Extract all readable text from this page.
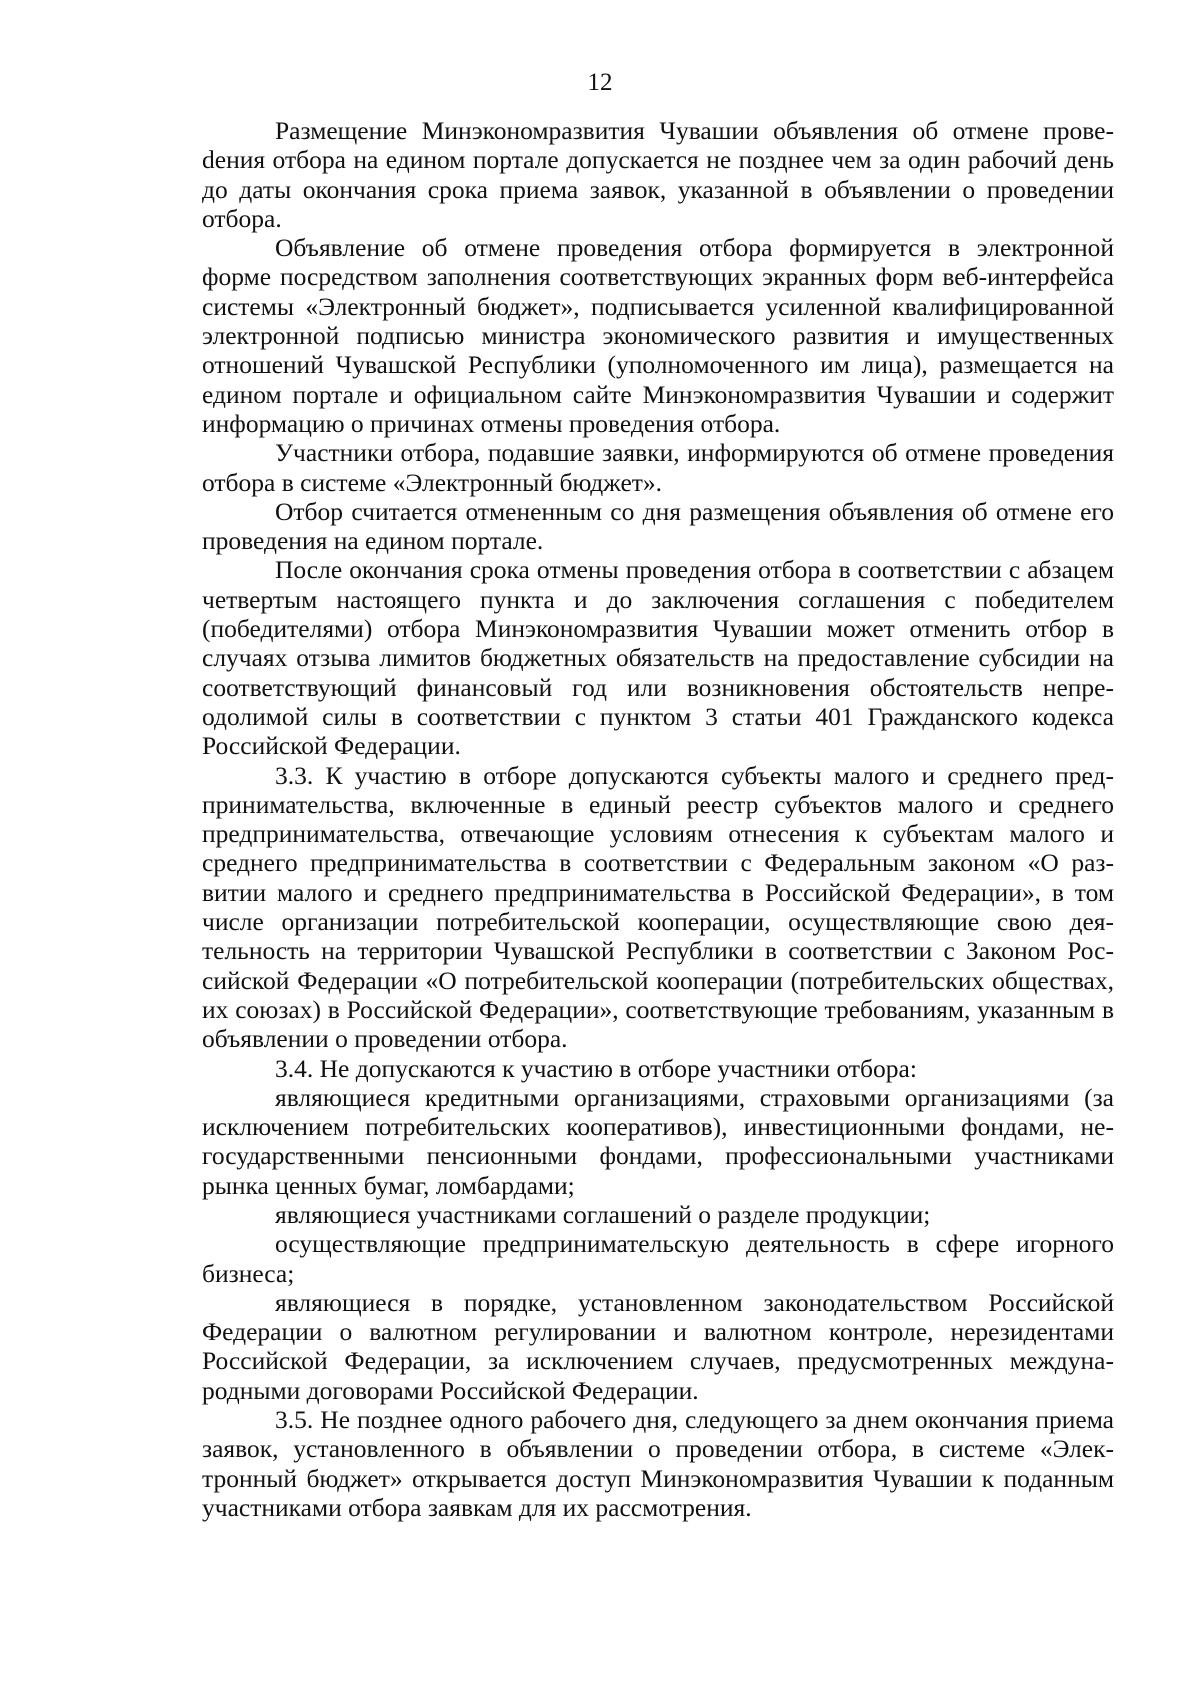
12

Размещение Минэкономразвития Чувашии объявления об отмене провеdения отбора на едином портале допускается не позднее чем за один рабочий день до даты окончания срока приема заявок, указанной в объявлении о проведении отбора.

Объявление об отмене проведения отбора формируется в электронной форме посредством заполнения соответствующих экранных форм веб-интерфейса системы «Электронный бюджет», подписывается усиленной квалифицированной электронной подписью министра экономического развития и имущественных отношений Чувашской Республики (уполномоченного им лица), размещается на едином портале и официальном сайте Минэкономразвития Чувашии и содержит информацию о причинах отмены проведения отбора.

Участники отбора, подавшие заявки, информируются об отмене проведения отбора в системе «Электронный бюджет».

Отбор считается отмененным со дня размещения объявления об отмене его проведения на едином портале.

После окончания срока отмены проведения отбора в соответствии с абзацем четвертым настоящего пункта и до заключения соглашения с победителем (победителями) отбора Минэкономразвития Чувашии может отменить отбор в случаях отзыва лимитов бюджетных обязательств на предоставление субсидии на соответствующий финансовый год или возникновения обстоятельств непреодолимой силы в соответствии с пунктом 3 статьи 401 Гражданского кодекса Российской Федерации.

3.3. К участию в отборе допускаются субъекты малого и среднего предпринимательства, включенные в единый реестр субъектов малого и среднего предпринимательства, отвечающие условиям отнесения к субъектам малого и среднего предпринимательства в соответствии с Федеральным законом «О развитии малого и среднего предпринимательства в Российской Федерации», в том числе организации потребительской кооперации, осуществляющие свою деятельность на территории Чувашской Республики в соответствии с Законом Российской Федерации «О потребительской кооперации (потребительских обществах, их союзах) в Российской Федерации», соответствующие требованиям, указанным в объявлении о проведении отбора.

3.4. Не допускаются к участию в отборе участники отбора:

являющиеся кредитными организациями, страховыми организациями (за исключением потребительских кооперативов), инвестиционными фондами, негосударственными пенсионными фондами, профессиональными участниками рынка ценных бумаг, ломбардами;

являющиеся участниками соглашений о разделе продукции;

осуществляющие предпринимательскую деятельность в сфере игорного бизнеса;

являющиеся в порядке, установленном законодательством Российской Федерации о валютном регулировании и валютном контроле, нерезидентами Российской Федерации, за исключением случаев, предусмотренных международными договорами Российской Федерации.

3.5. Не позднее одного рабочего дня, следующего за днем окончания приема заявок, установленного в объявлении о проведении отбора, в системе «Электронный бюджет» открывается доступ Минэкономразвития Чувашии к поданным участниками отбора заявкам для их рассмотрения.
